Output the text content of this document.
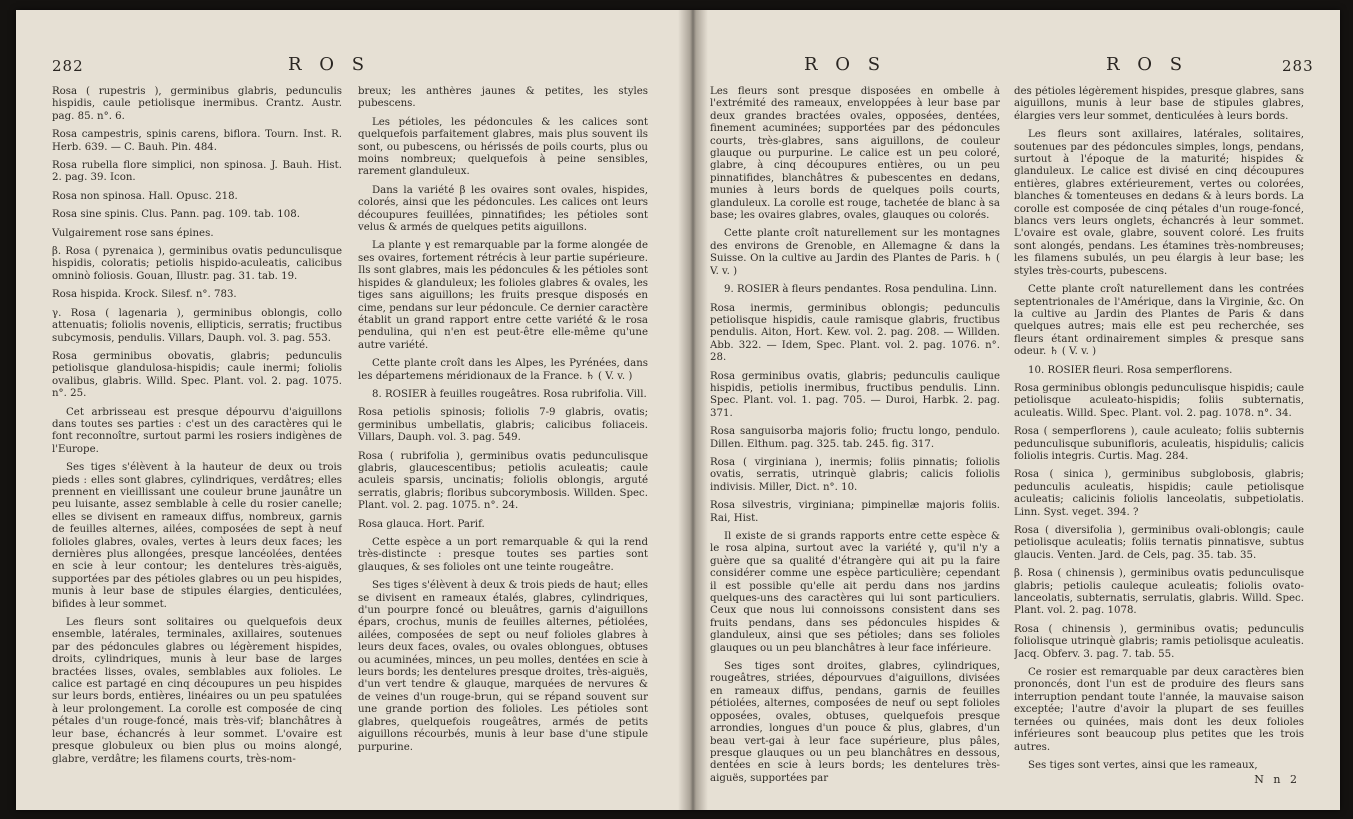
282	R O S

Rosa ( rupestris ), germinibus glabris, pedunculis hispidis, caule petiolisque inermibus. Crantz. Austr. pag. 85. n°. 6.

Rosa campestris, spinis carens, biflora. Tourn. Inst. R. Herb. 639. — C. Bauh. Pin. 484.

Rosa rubella flore simplici, non spinosa. J. Bauh. Hist. 2. pag. 39. Icon.

Rosa non spinosa. Hall. Opusc. 218.

Rosa sine spinis. Clus. Pann. pag. 109. tab. 108.

Vulgairement rose sans épines.

β. Rosa ( pyrenaica ), germinibus ovatis pedunculisque hispidis, coloratis; petiolis hispido-aculeatis, calicibus omninò foliosis. Gouan, Illustr. pag. 31. tab. 19.

Rosa hispida. Krock. Silesf. n°. 783.

γ. Rosa ( lagenaria ), germinibus oblongis, collo attenuatis; foliolis novenis, ellipticis, serratis; fructibus subcymosis, pendulis. Villars, Dauph. vol. 3. pag. 553.

Rosa germinibus obovatis, glabris; pedunculis petiolisque glandulosa-hispidis; caule inermi; foliolis ovalibus, glabris. Willd. Spec. Plant. vol. 2. pag. 1075. n°. 25.

Cet arbrisseau est presque dépourvu d'aiguillons dans toutes ses parties : c'est un des caractères qui le font reconnoître, surtout parmi les rosiers indigènes de l'Europe.

Ses tiges s'élèvent à la hauteur de deux ou trois pieds : elles sont glabres, cylindriques, verdâtres; elles prennent en vieillissant une couleur brune jaunâtre un peu luisante, assez semblable à celle du rosier canelle; elles se divisent en rameaux diffus, nombreux, garnis de feuilles alternes, ailées, composées de sept à neuf folioles glabres, ovales, vertes à leurs deux faces; les dernières plus allongées, presque lancéolées, dentées en scie à leur contour; les dentelures très-aiguës, supportées par des pétioles glabres ou un peu hispides, munis à leur base de stipules élargies, denticulées, bifides à leur sommet.

Les fleurs sont solitaires ou quelquefois deux ensemble, latérales, terminales, axillaires, soutenues par des pédoncules glabres ou légèrement hispides, droits, cylindriques, munis à leur base de larges bractées lisses, ovales, semblables aux folioles. Le calice est partagé en cinq découpures un peu hispides sur leurs bords, entières, linéaires ou un peu spatulées à leur prolongement. La corolle est composée de cinq pétales d'un rouge-foncé, mais très-vif; blanchâtres à leur base, échancrés à leur sommet. L'ovaire est presque globuleux ou bien plus ou moins alongé, glabre, verdâtre; les filamens courts, très-nom-

breux; les anthères jaunes & petites, les styles pubescens.

Les pétioles, les pédoncules & les calices sont quelquefois parfaitement glabres, mais plus souvent ils sont, ou pubescens, ou hérissés de poils courts, plus ou moins nombreux; quelquefois à peine sensibles, rarement glanduleux.

Dans la variété β les ovaires sont ovales, hispides, colorés, ainsi que les pédoncules. Les calices ont leurs découpures feuillées, pinnatifides; les pétioles sont velus & armés de quelques petits aiguillons.

La plante γ est remarquable par la forme alongée de ses ovaires, fortement rétrécis à leur partie supérieure. Ils sont glabres, mais les pédoncules & les pétioles sont hispides & glanduleux; les folioles glabres & ovales, les tiges sans aiguillons; les fruits presque disposés en cime, pendans sur leur pédoncule. Ce dernier caractère établit un grand rapport entre cette variété & le rosa pendulina, qui n'en est peut-être elle-même qu'une autre variété.

Cette plante croît dans les Alpes, les Pyrénées, dans les départemens méridionaux de la France. ♄ ( V. v. )

8. ROSIER à feuilles rougeâtres. Rosa rubrifolia. Vill.

Rosa petiolis spinosis; foliolis 7-9 glabris, ovatis; germinibus umbellatis, glabris; calicibus foliaceis. Villars, Dauph. vol. 3. pag. 549.

Rosa ( rubrifolia ), germinibus ovatis pedunculisque glabris, glaucescentibus; petiolis aculeatis; caule aculeis sparsis, uncinatis; foliolis oblongis, arguté serratis, glabris; floribus subcorymbosis. Willden. Spec. Plant. vol. 2. pag. 1075. n°. 24.

Rosa glauca. Hort. Parif.

Cette espèce a un port remarquable & qui la rend très-distincte : presque toutes ses parties sont glauques, & ses folioles ont une teinte rougeâtre.

Ses tiges s'élèvent à deux & trois pieds de haut; elles se divisent en rameaux étalés, glabres, cylindriques, d'un pourpre foncé ou bleuâtres, garnis d'aiguillons épars, crochus, munis de feuilles alternes, pétiolées, ailées, composées de sept ou neuf folioles glabres à leurs deux faces, ovales, ou ovales oblongues, obtuses ou acuminées, minces, un peu molles, dentées en scie à leurs bords; les dentelures presque droites, très-aiguës, d'un vert tendre & glauque, marquées de nervures & de veines d'un rouge-brun, qui se répand souvent sur une grande portion des folioles. Les pétioles sont glabres, quelquefois rougeâtres, armés de petits aiguillons récourbés, munis à leur base d'une stipule purpurine.

R O S	R O S	283

Les fleurs sont presque disposées en ombelle à l'extrémité des rameaux, enveloppées à leur base par deux grandes bractées ovales, opposées, dentées, finement acuminées; supportées par des pédoncules courts, très-glabres, sans aiguillons, de couleur glauque ou purpurine. Le calice est un peu coloré, glabre, à cinq découpures entières, ou un peu pinnatifides, blanchâtres & pubescentes en dedans, munies à leurs bords de quelques poils courts, glanduleux. La corolle est rouge, tachetée de blanc à sa base; les ovaires glabres, ovales, glauques ou colorés.

Cette plante croît naturellement sur les montagnes des environs de Grenoble, en Allemagne & dans la Suisse. On la cultive au Jardin des Plantes de Paris. ♄ ( V. v. )

9. ROSIER à fleurs pendantes. Rosa pendulina. Linn.

Rosa inermis, germinibus oblongis; pedunculis petiolisque hispidis, caule ramisque glabris, fructibus pendulis. Aiton, Hort. Kew. vol. 2. pag. 208. — Willden. Abb. 322. — Idem, Spec. Plant. vol. 2. pag. 1076. n°. 28.

Rosa germinibus ovatis, glabris; pedunculis caulique hispidis, petiolis inermibus, fructibus pendulis. Linn. Spec. Plant. vol. 1. pag. 705. — Duroi, Harbk. 2. pag. 371.

Rosa sanguisorba majoris folio; fructu longo, pendulo. Dillen. Elthum. pag. 325. tab. 245. fig. 317.

Rosa ( virginiana ), inermis; foliis pinnatis; foliolis ovatis, serratis, utrinquè glabris; calicis foliolis indivisis. Miller, Dict. n°. 10.

Rosa silvestris, virginiana; pimpinellæ majoris foliis. Rai, Hist.

Il existe de si grands rapports entre cette espèce & le rosa alpina, surtout avec la variété γ, qu'il n'y a guère que sa qualité d'étrangère qui ait pu la faire considérer comme une espèce particulière; cependant il est possible qu'elle ait perdu dans nos jardins quelques-uns des caractères qui lui sont particuliers. Ceux que nous lui connoissons consistent dans ses fruits pendans, dans ses pédoncules hispides & glanduleux, ainsi que ses pétioles; dans ses folioles glauques ou un peu blanchâtres à leur face inférieure.

Ses tiges sont droites, glabres, cylindriques, rougeâtres, striées, dépourvues d'aiguillons, divisées en rameaux diffus, pendans, garnis de feuilles pétiolées, alternes, composées de neuf ou sept folioles opposées, ovales, obtuses, quelquefois presque arrondies, longues d'un pouce & plus, glabres, d'un beau vert-gai à leur face supérieure, plus pâles, presque glauques ou un peu blanchâtres en dessous, dentées en scie à leurs bords; les dentelures très-aiguës, supportées par

des pétioles légèrement hispides, presque glabres, sans aiguillons, munis à leur base de stipules glabres, élargies vers leur sommet, denticulées à leurs bords.

Les fleurs sont axillaires, latérales, solitaires, soutenues par des pédoncules simples, longs, pendans, surtout à l'époque de la maturité; hispides & glanduleux. Le calice est divisé en cinq découpures entières, glabres extérieurement, vertes ou colorées, blanches & tomenteuses en dedans & à leurs bords. La corolle est composée de cinq pétales d'un rouge-foncé, blancs vers leurs onglets, échancrés à leur sommet. L'ovaire est ovale, glabre, souvent coloré. Les fruits sont alongés, pendans. Les étamines très-nombreuses; les filamens subulés, un peu élargis à leur base; les styles très-courts, pubescens.

Cette plante croît naturellement dans les contrées septentrionales de l'Amérique, dans la Virginie, &c. On la cultive au Jardin des Plantes de Paris & dans quelques autres; mais elle est peu recherchée, ses fleurs étant ordinairement simples & presque sans odeur. ♄ ( V. v. )

10. ROSIER fleuri. Rosa semperflorens.

Rosa germinibus oblongis pedunculisque hispidis; caule petiolisque aculeato-hispidis; foliis subternatis, aculeatis. Willd. Spec. Plant. vol. 2. pag. 1078. n°. 34.

Rosa ( semperflorens ), caule aculeato; foliis subternis pedunculisque subunifloris, aculeatis, hispidulis; calicis foliolis integris. Curtis. Mag. 284.

Rosa ( sinica ), germinibus subglobosis, glabris; pedunculis aculeatis, hispidis; caule petiolisque aculeatis; calicinis foliolis lanceolatis, subpetiolatis. Linn. Syst. veget. 394. ?

Rosa ( diversifolia ), germinibus ovali-oblongis; caule petiolisque aculeatis; foliis ternatis pinnatisve, subtus glaucis. Venten. Jard. de Cels, pag. 35. tab. 35.

β. Rosa ( chinensis ), germinibus ovatis pedunculisque glabris; petiolis cauleque aculeatis; foliolis ovato-lanceolatis, subternatis, serrulatis, glabris. Willd. Spec. Plant. vol. 2. pag. 1078.

Rosa ( chinensis ), germinibus ovatis; pedunculis foliolisque utrinquè glabris; ramis petiolisque aculeatis. Jacq. Obferv. 3. pag. 7. tab. 55.

Ce rosier est remarquable par deux caractères bien prononcés, dont l'un est de produire des fleurs sans interruption pendant toute l'année, la mauvaise saison exceptée; l'autre d'avoir la plupart de ses feuilles ternées ou quinées, mais dont les deux folioles inférieures sont beaucoup plus petites que les trois autres.

Ses tiges sont vertes, ainsi que les rameaux,

N n 2
